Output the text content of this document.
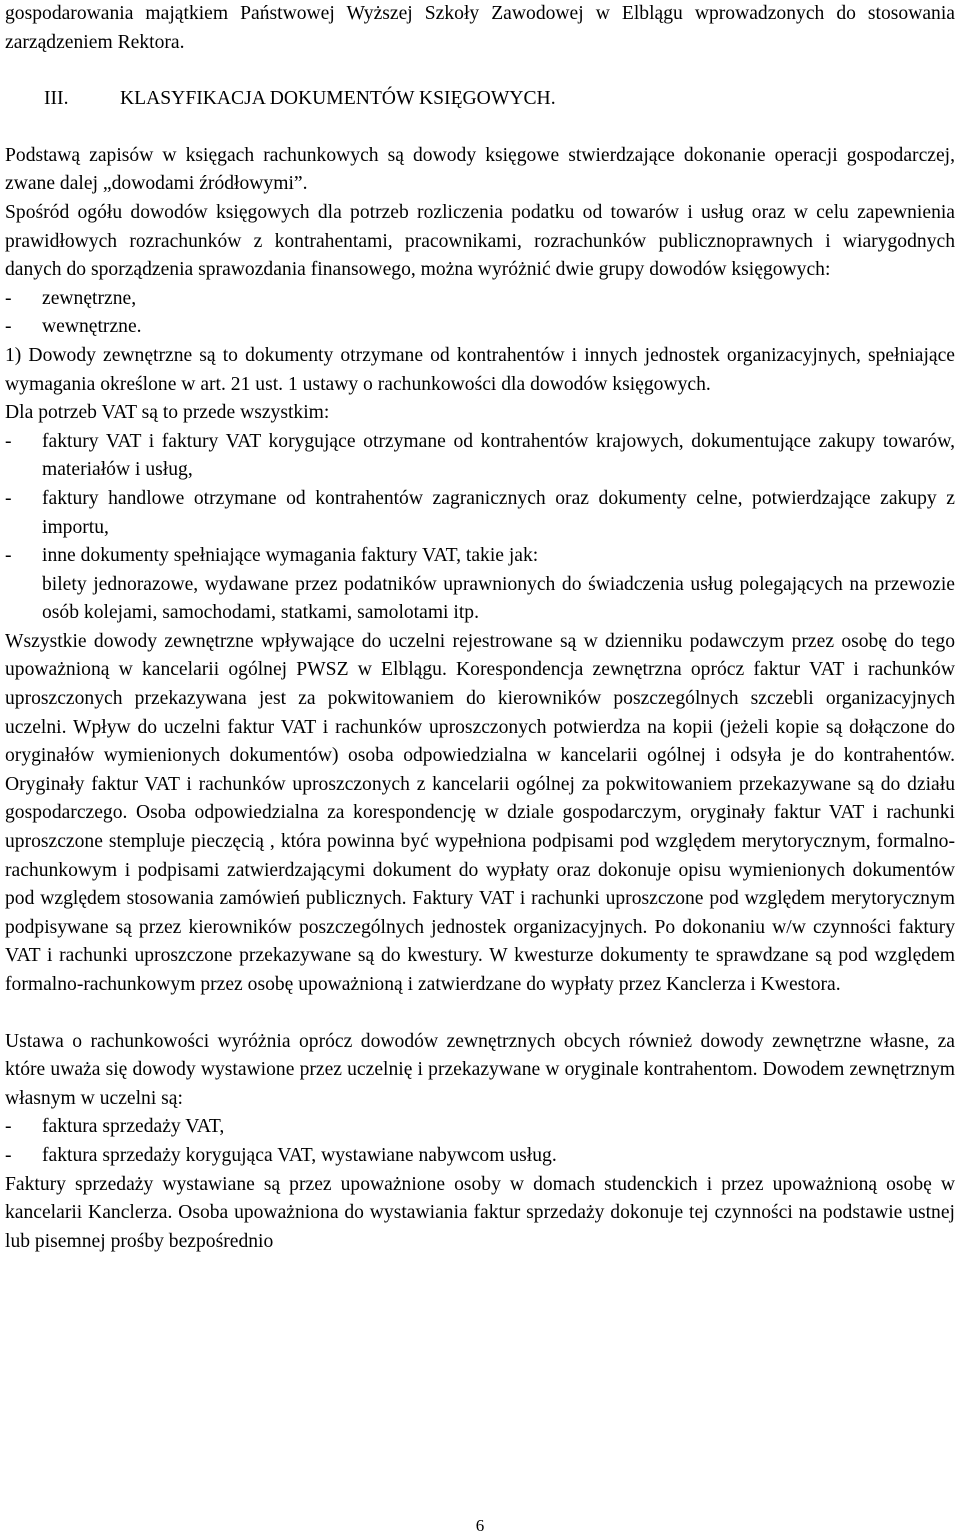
gospodarowania majątkiem Państwowej Wyższej Szkoły Zawodowej w Elblągu wprowadzonych do stosowania zarządzeniem Rektora.

III.	KLASYFIKACJA DOKUMENTÓW KSIĘGOWYCH.

Podstawą zapisów w księgach rachunkowych są dowody księgowe stwierdzające dokonanie operacji gospodarczej, zwane dalej „dowodami źródłowymi”.

Spośród ogółu dowodów księgowych dla potrzeb rozliczenia podatku od towarów i usług oraz w celu zapewnienia prawidłowych rozrachunków z kontrahentami, pracownikami, rozrachunków publicznoprawnych i wiarygodnych danych do sporządzenia sprawozdania finansowego, można wyróżnić dwie grupy dowodów księgowych:

- zewnętrzne,

- wewnętrzne.

1) Dowody zewnętrzne są to dokumenty otrzymane od kontrahentów i innych jednostek organizacyjnych, spełniające wymagania określone w art. 21 ust. 1 ustawy o rachunkowości dla dowodów księgowych.

Dla potrzeb VAT są to przede wszystkim:

- faktury VAT i faktury VAT korygujące otrzymane od kontrahentów krajowych, dokumentujące zakupy towarów, materiałów i usług,

- faktury handlowe otrzymane od kontrahentów zagranicznych oraz dokumenty celne, potwierdzające zakupy z importu,

- inne dokumenty spełniające wymagania faktury VAT, takie jak:

bilety jednorazowe, wydawane przez podatników uprawnionych do świadczenia usług polegających na przewozie osób kolejami, samochodami, statkami, samolotami itp.

Wszystkie dowody zewnętrzne wpływające do uczelni rejestrowane są w dzienniku podawczym przez osobę do tego upoważnioną w kancelarii ogólnej PWSZ w Elblągu. Korespondencja zewnętrzna oprócz faktur VAT i rachunków uproszczonych przekazywana jest za pokwitowaniem do kierowników poszczególnych szczebli organizacyjnych uczelni. Wpływ do uczelni faktur VAT i rachunków uproszczonych potwierdza na kopii (jeżeli kopie są dołączone do oryginałów wymienionych dokumentów) osoba odpowiedzialna w kancelarii ogólnej i odsyła je do kontrahentów. Oryginały faktur VAT i rachunków uproszczonych z kancelarii ogólnej za pokwitowaniem przekazywane są do działu gospodarczego. Osoba odpowiedzialna za korespondencję w dziale gospodarczym, oryginały faktur VAT i rachunki uproszczone stempluje pieczęcią , która powinna być wypełniona podpisami pod względem merytorycznym, formalno-rachunkowym i podpisami zatwierdzającymi dokument do wypłaty oraz dokonuje opisu wymienionych dokumentów pod względem stosowania zamówień publicznych. Faktury VAT i rachunki uproszczone pod względem merytorycznym podpisywane są przez kierowników poszczególnych jednostek organizacyjnych. Po dokonaniu w/w czynności faktury VAT i rachunki uproszczone przekazywane są do kwestury. W kwesturze dokumenty te sprawdzane są pod względem formalno-rachunkowym przez osobę upoważnioną i zatwierdzane do wypłaty przez Kanclerza i Kwestora.

Ustawa o rachunkowości wyróżnia oprócz dowodów zewnętrznych obcych również dowody zewnętrzne własne, za które uważa się dowody wystawione przez uczelnię i przekazywane w oryginale kontrahentom. Dowodem zewnętrznym własnym w uczelni są:

- faktura sprzedaży VAT,

- faktura sprzedaży korygująca VAT, wystawiane nabywcom usług.

Faktury sprzedaży wystawiane są przez upoważnione osoby w domach studenckich i przez upoważnioną osobę w kancelarii Kanclerza. Osoba upoważniona do wystawiania faktur sprzedaży dokonuje tej czynności na podstawie ustnej lub pisemnej prośby bezpośrednio

6
